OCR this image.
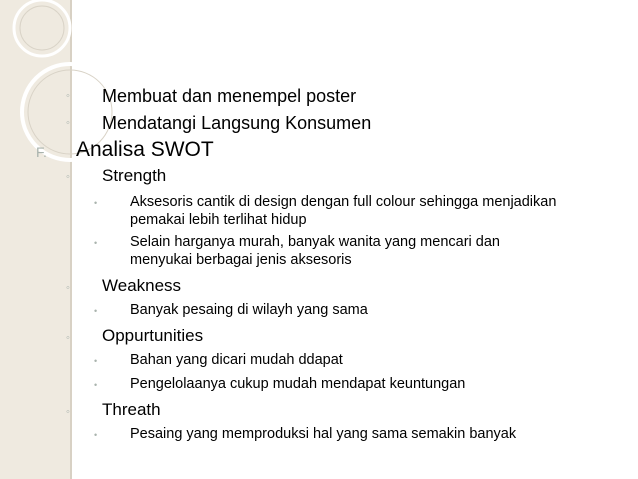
◦ Membuat dan menempel poster
◦ Mendatangi Langsung Konsumen
F. Analisa SWOT
◦ Strength
• Aksesoris cantik di design dengan full colour sehingga menjadikan
pemakai lebih terlihat hidup
• Selain harganya murah, banyak wanita yang mencari dan
menyukai berbagai jenis aksesoris
◦ Weakness
• Banyak pesaing di wilayh yang sama
◦ Oppurtunities
• Bahan yang dicari mudah ddapat
• Pengelolaanya cukup mudah mendapat keuntungan
◦ Threath
• Pesaing yang memproduksi hal yang sama semakin banyak
